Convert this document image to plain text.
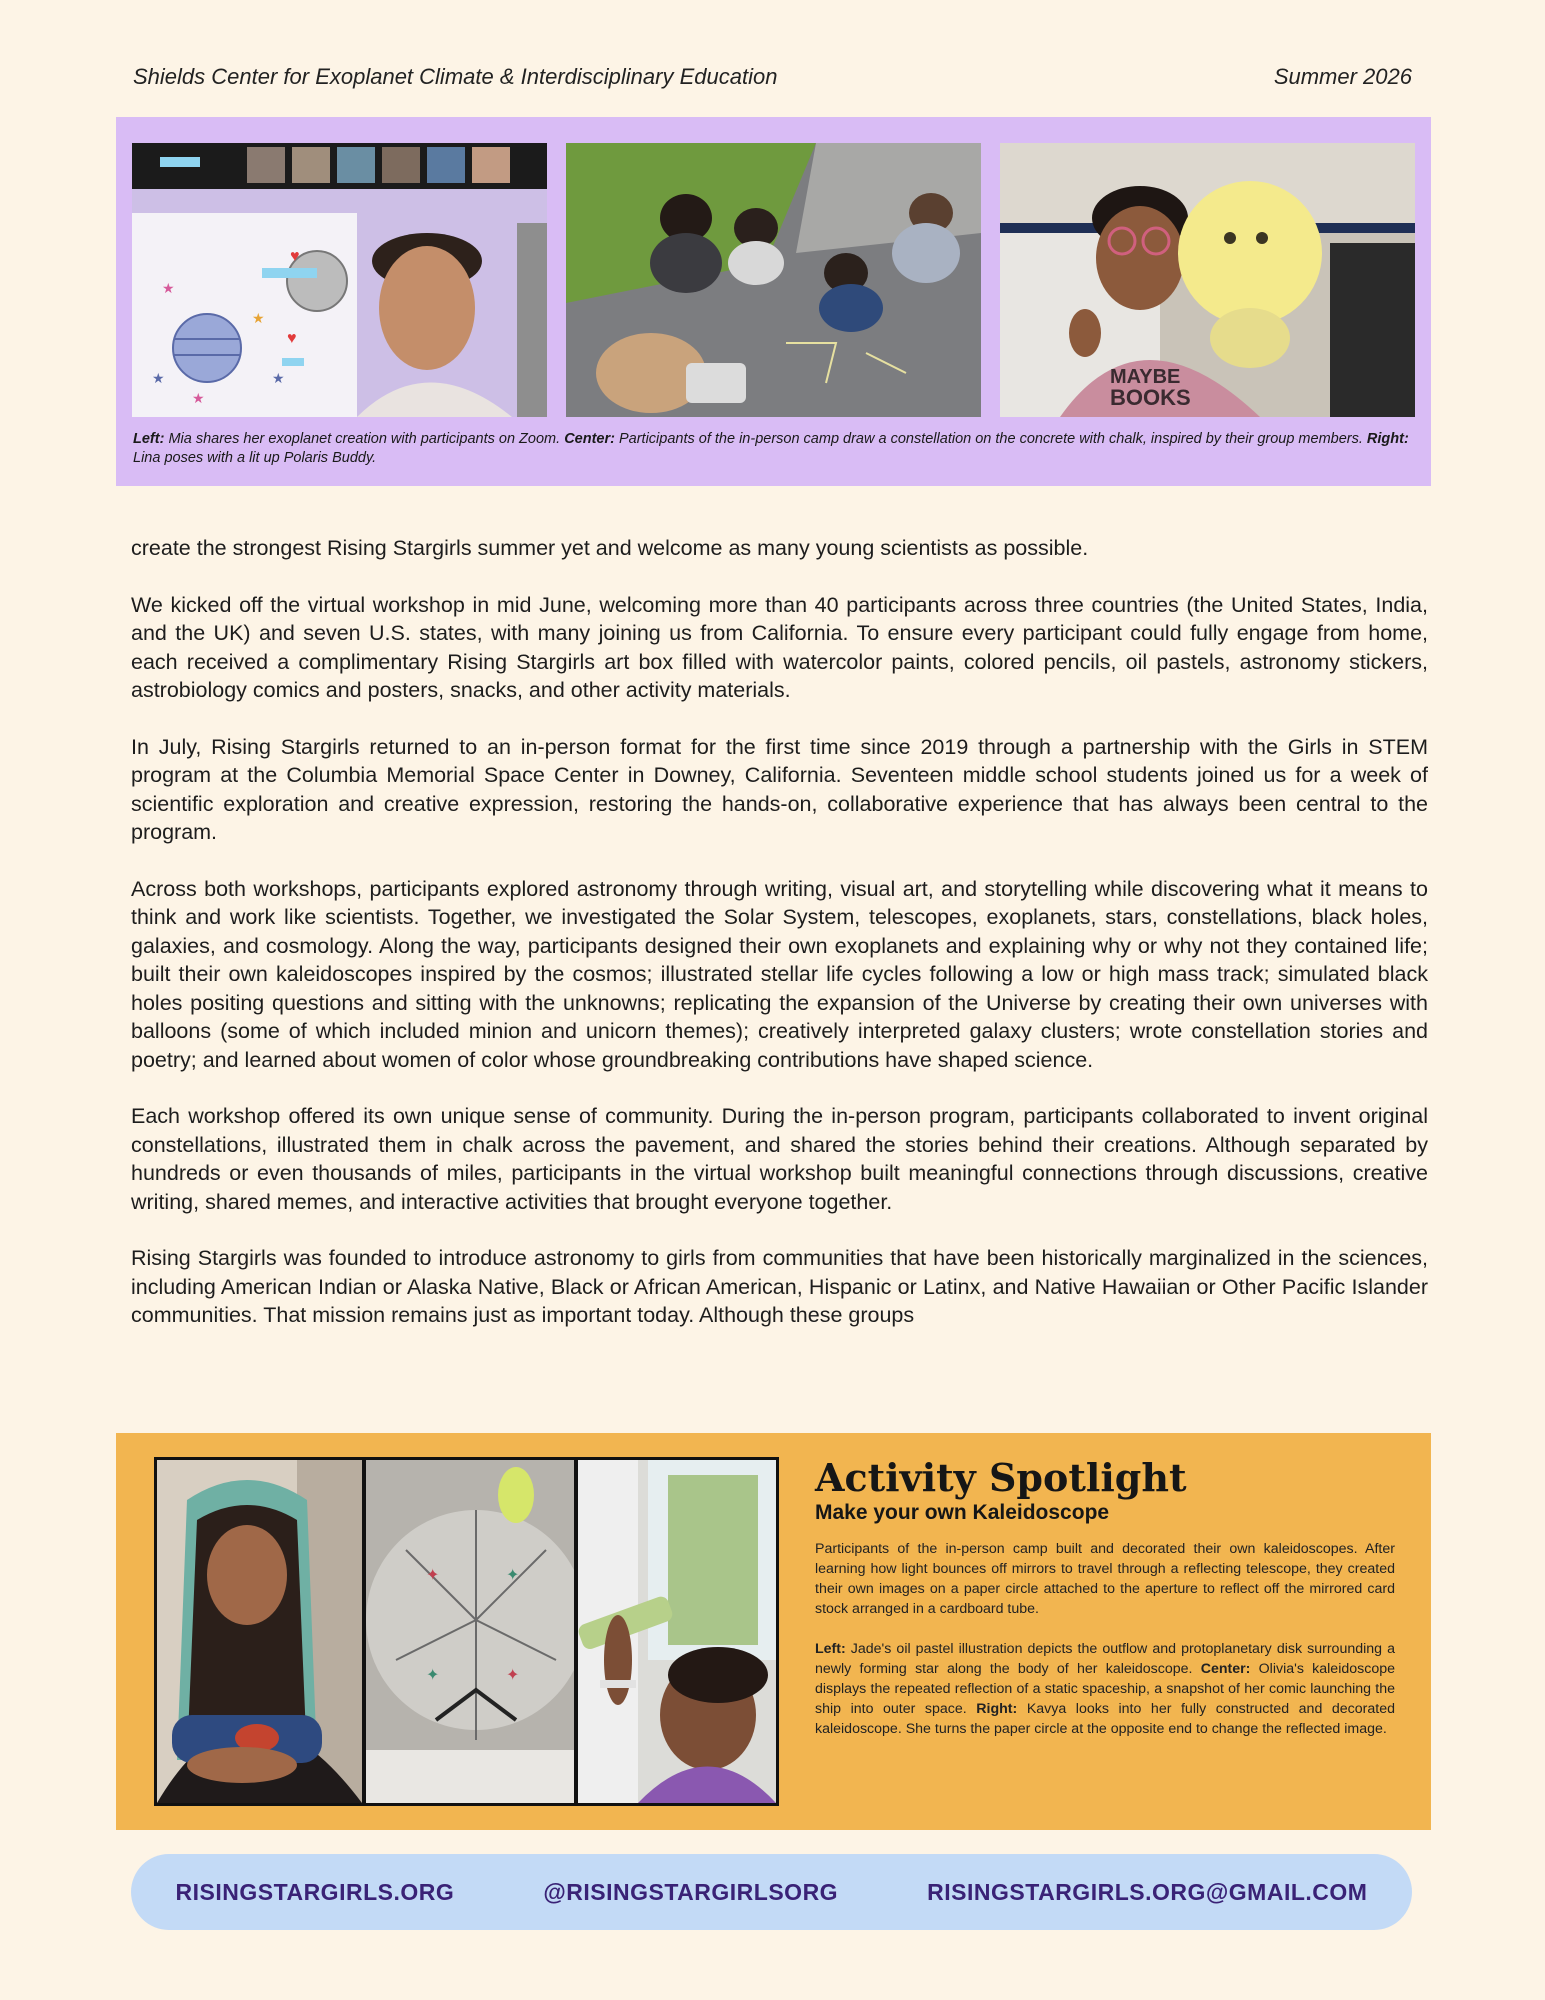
Shields Center for Exoplanet Climate & Interdisciplinary Education	Summer 2026
★
★
★
★
★
♥
♥
MAYBE
BOOKS
Left: Mia shares her exoplanet creation with participants on Zoom. Center: Participants of the in-person camp draw a constellation on the concrete with chalk, inspired by their group members. Right: Lina poses with a lit up Polaris Buddy.

create the strongest Rising Stargirls summer yet and welcome as many young scientists as possible.

We kicked off the virtual workshop in mid June, welcoming more than 40 participants across three countries (the United States, India, and the UK) and seven U.S. states, with many joining us from California. To ensure every participant could fully engage from home, each received a complimentary Rising Stargirls art box filled with watercolor paints, colored pencils, oil pastels, astronomy stickers, astrobiology comics and posters, snacks, and other activity materials.

In July, Rising Stargirls returned to an in-person format for the first time since 2019 through a partnership with the Girls in STEM program at the Columbia Memorial Space Center in Downey, California. Seventeen middle school students joined us for a week of scientific exploration and creative expression, restoring the hands-on, collaborative experience that has always been central to the program.

Across both workshops, participants explored astronomy through writing, visual art, and storytelling while discovering what it means to think and work like scientists. Together, we investigated the Solar System, telescopes, exoplanets, stars, constellations, black holes, galaxies, and cosmology. Along the way, participants designed their own exoplanets and explaining why or why not they contained life; built their own kaleidoscopes inspired by the cosmos; illustrated stellar life cycles following a low or high mass track; simulated black holes positing questions and sitting with the unknowns; replicating the expansion of the Universe by creating their own universes with balloons (some of which included minion and unicorn themes); creatively interpreted galaxy clusters; wrote constellation stories and poetry; and learned about women of color whose groundbreaking contributions have shaped science.

Each workshop offered its own unique sense of community. During the in-person program, participants collaborated to invent original constellations, illustrated them in chalk across the pavement, and shared the stories behind their creations. Although separated by hundreds or even thousands of miles, participants in the virtual workshop built meaningful connections through discussions, creative writing, shared memes, and interactive activities that brought everyone together.

Rising Stargirls was founded to introduce astronomy to girls from communities that have been historically marginalized in the sciences, including American Indian or Alaska Native, Black or African American, Hispanic or Latinx, and Native Hawaiian or Other Pacific Islander communities. That mission remains just as important today. Although these groups

✦	✦
✦	✦
Activity Spotlight
Make your own Kaleidoscope

Participants of the in-person camp built and decorated their own kaleidoscopes. After learning how light bounces off mirrors to travel through a reflecting telescope, they created their own images on a paper circle attached to the aperture to reflect off the mirrored card stock arranged in a cardboard tube.

Left: Jade's oil pastel illustration depicts the outflow and protoplanetary disk surrounding a newly forming star along the body of her kaleidoscope. Center: Olivia's kaleidoscope displays the repeated reflection of a static spaceship, a snapshot of her comic launching the ship into outer space. Right: Kavya looks into her fully constructed and decorated kaleidoscope. She turns the paper circle at the opposite end to change the reflected image.

RISINGSTARGIRLS.ORG	@RISINGSTARGIRLSORG	RISINGSTARGIRLS.ORG@GMAIL.COM
